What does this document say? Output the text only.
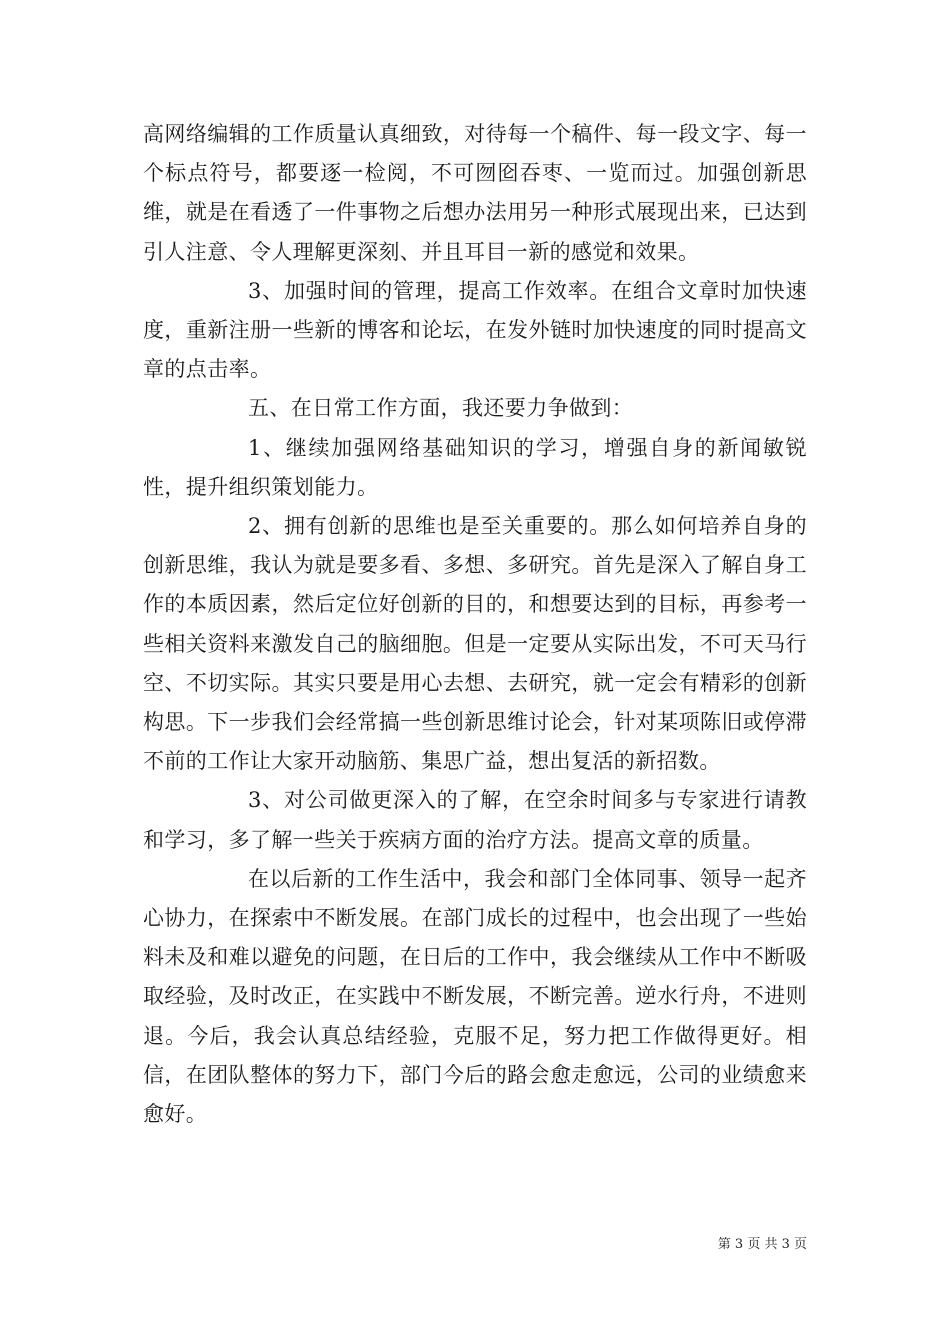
高网络编辑的工作质量认真细致，对待每一个稿件、每一段文字、每一个标点符号，都要逐一检阅，不可囫囵吞枣、一览而过。加强创新思维，就是在看透了一件事物之后想办法用另一种形式展现出来，已达到引人注意、令人理解更深刻、并且耳目一新的感觉和效果。

3、加强时间的管理，提高工作效率。在组合文章时加快速度，重新注册一些新的博客和论坛，在发外链时加快速度的同时提高文章的点击率。

五、在日常工作方面，我还要力争做到：

1、继续加强网络基础知识的学习，增强自身的新闻敏锐性，提升组织策划能力。

2、拥有创新的思维也是至关重要的。那么如何培养自身的创新思维，我认为就是要多看、多想、多研究。首先是深入了解自身工作的本质因素，然后定位好创新的目的，和想要达到的目标，再参考一些相关资料来激发自己的脑细胞。但是一定要从实际出发，不可天马行空、不切实际。其实只要是用心去想、去研究，就一定会有精彩的创新构思。下一步我们会经常搞一些创新思维讨论会，针对某项陈旧或停滞不前的工作让大家开动脑筋、集思广益，想出复活的新招数。

3、对公司做更深入的了解，在空余时间多与专家进行请教和学习，多了解一些关于疾病方面的治疗方法。提高文章的质量。

在以后新的工作生活中，我会和部门全体同事、领导一起齐心协力，在探索中不断发展。在部门成长的过程中，也会出现了一些始料未及和难以避免的问题，在日后的工作中，我会继续从工作中不断吸取经验，及时改正，在实践中不断发展，不断完善。逆水行舟，不进则退。今后，我会认真总结经验，克服不足，努力把工作做得更好。相信，在团队整体的努力下，部门今后的路会愈走愈远，公司的业绩愈来愈好。

第 3 页 共 3 页
